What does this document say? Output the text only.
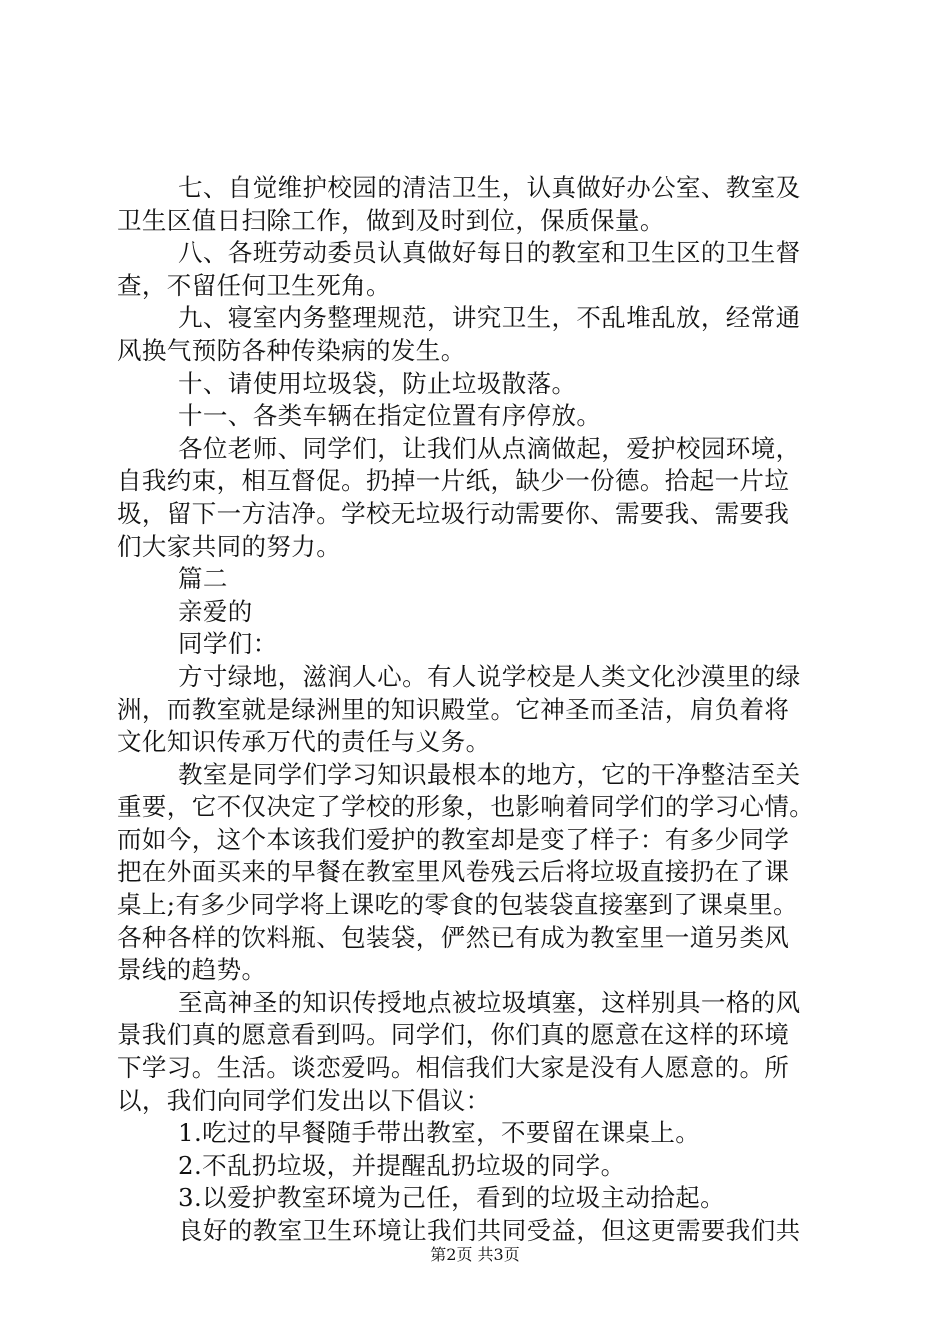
七、自觉维护校园的清洁卫生，认真做好办公室、教室及
卫生区值日扫除工作，做到及时到位，保质保量。
八、各班劳动委员认真做好每日的教室和卫生区的卫生督
查，不留任何卫生死角。
九、寝室内务整理规范，讲究卫生，不乱堆乱放，经常通
风换气预防各种传染病的发生。
十、请使用垃圾袋，防止垃圾散落。
十一、各类车辆在指定位置有序停放。
各位老师、同学们，让我们从点滴做起，爱护校园环境，
自我约束，相互督促。扔掉一片纸，缺少一份德。拾起一片垃
圾，留下一方洁净。学校无垃圾行动需要你、需要我、需要我
们大家共同的努力。
篇二
亲爱的
同学们：
方寸绿地，滋润人心。有人说学校是人类文化沙漠里的绿
洲，而教室就是绿洲里的知识殿堂。它神圣而圣洁，肩负着将
文化知识传承万代的责任与义务。
教室是同学们学习知识最根本的地方，它的干净整洁至关
重要，它不仅决定了学校的形象，也影响着同学们的学习心情。
而如今，这个本该我们爱护的教室却是变了样子：有多少同学
把在外面买来的早餐在教室里风卷残云后将垃圾直接扔在了课
桌上;有多少同学将上课吃的零食的包装袋直接塞到了课桌里。
各种各样的饮料瓶、包装袋，俨然已有成为教室里一道另类风
景线的趋势。
至高神圣的知识传授地点被垃圾填塞，这样别具一格的风
景我们真的愿意看到吗。同学们，你们真的愿意在这样的环境
下学习。生活。谈恋爱吗。相信我们大家是没有人愿意的。所
以，我们向同学们发出以下倡议：
1.吃过的早餐随手带出教室，不要留在课桌上。
2.不乱扔垃圾，并提醒乱扔垃圾的同学。
3.以爱护教室环境为己任，看到的垃圾主动拾起。
良好的教室卫生环境让我们共同受益，但这更需要我们共
第2页 共3页
